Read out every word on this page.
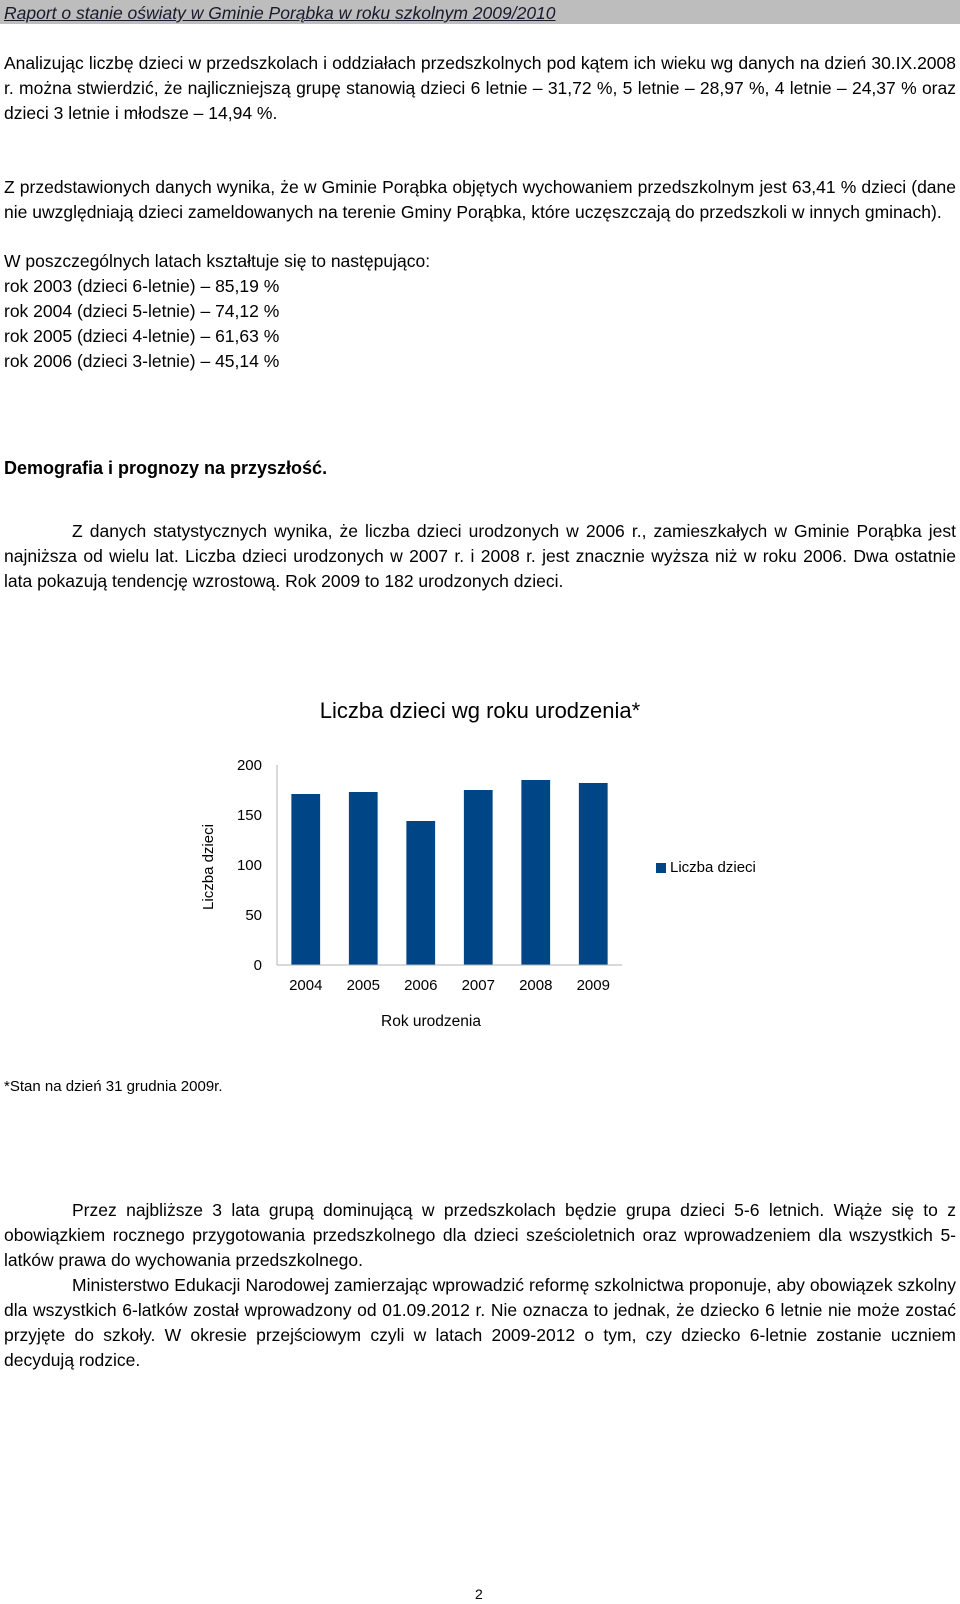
Raport o stanie oświaty w Gminie Porąbka w roku szkolnym 2009/2010

Analizując liczbę dzieci w przedszkolach i oddziałach przedszkolnych pod kątem ich wieku wg danych na dzień 30.IX.2008 r. można stwierdzić, że najliczniejszą grupę stanowią dzieci 6 letnie – 31,72 %, 5 letnie – 28,97 %, 4 letnie – 24,37 % oraz dzieci 3 letnie i młodsze – 14,94 %.

Z przedstawionych danych wynika, że w Gminie Porąbka objętych wychowaniem przedszkolnym jest 63,41 % dzieci (dane nie uwzględniają dzieci zameldowanych na terenie Gminy Porąbka, które uczęszczają do przedszkoli w innych gminach).

W poszczególnych latach kształtuje się to następująco:
rok 2003 (dzieci 6-letnie) – 85,19 %
rok 2004 (dzieci 5-letnie) – 74,12 %
rok 2005 (dzieci 4-letnie) – 61,63 %
rok 2006 (dzieci 3-letnie) – 45,14 %
Demografia i prognozy na przyszłość.

Z danych statystycznych wynika, że liczba dzieci urodzonych w 2006 r., zamieszkałych w Gminie Porąbka jest najniższa od wielu lat. Liczba dzieci urodzonych w 2007 r. i 2008 r. jest znacznie wyższa niż w roku 2006. Dwa ostatnie lata pokazują tendencję wzrostową. Rok 2009 to 182 urodzonych dzieci.

Liczba dzieci wg roku urodzenia*
0
50
100
150
200
2004 2005 2006 2007 2008 2009
Liczba dzieci
Rok urodzenia
Liczba dzieci
*Stan na dzień 31 grudnia 2009r.

Przez najbliższe 3 lata grupą dominującą w przedszkolach będzie grupa dzieci 5-6 letnich. Wiąże się to z obowiązkiem rocznego przygotowania przedszkolnego dla dzieci sześcioletnich oraz wprowadzeniem dla wszystkich 5-latków prawa do wychowania przedszkolnego.

Ministerstwo Edukacji Narodowej zamierzając wprowadzić reformę szkolnictwa proponuje, aby obowiązek szkolny dla wszystkich 6-latków został wprowadzony od 01.09.2012 r. Nie oznacza to jednak, że dziecko 6 letnie nie może zostać przyjęte do szkoły. W okresie przejściowym czyli w latach 2009-2012 o tym, czy dziecko 6-letnie zostanie uczniem decydują rodzice.

2
